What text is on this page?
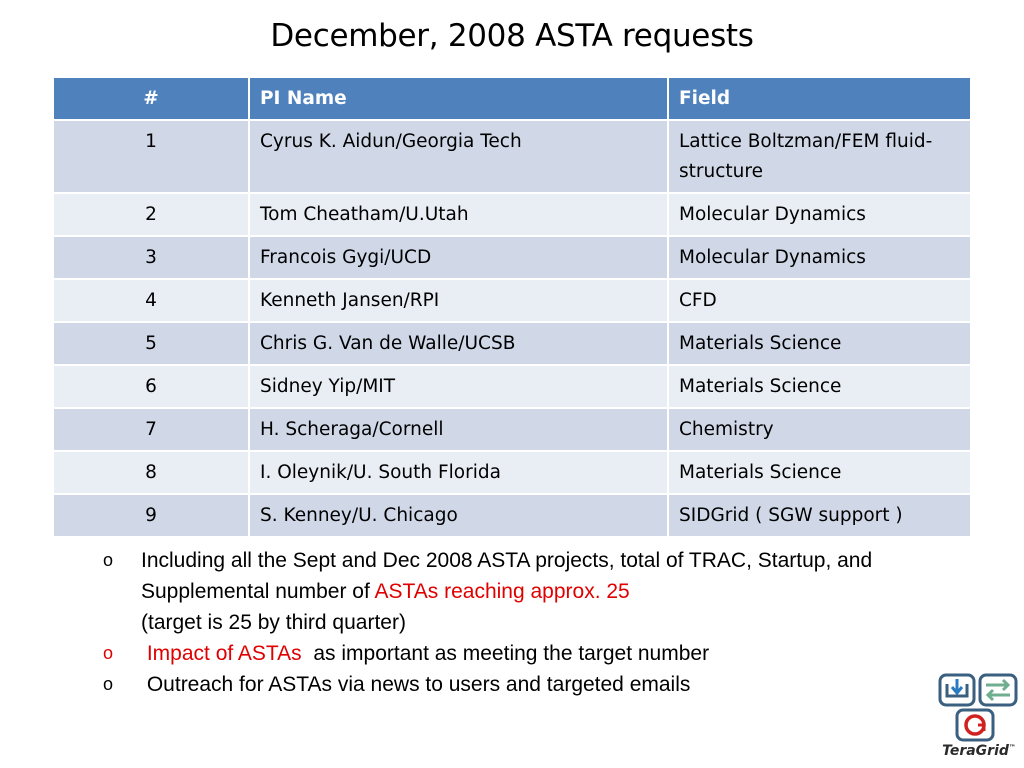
December, 2008 ASTA requests
#	PI Name	Field
1	Cyrus K. Aidun/Georgia Tech	Lattice Boltzman/FEM fluid-structure
2	Tom Cheatham/U.Utah	Molecular Dynamics
3	Francois Gygi/UCD	Molecular Dynamics
4	Kenneth Jansen/RPI	CFD
5	Chris G. Van de Walle/UCSB	Materials Science
6	Sidney Yip/MIT	Materials Science
7	H. Scheraga/Cornell	Chemistry
8	I. Oleynik/U. South Florida	Materials Science
9	S. Kenney/U. Chicago	SIDGrid ( SGW support )
o Including all the Sept and Dec 2008 ASTA projects, total of TRAC, Startup, and Supplemental number of ASTAs reaching approx. 25
(target is 25 by third quarter)
o Impact of ASTAs as important as meeting the target number
o Outreach for ASTAs via news to users and targeted emails
TeraGrid™
